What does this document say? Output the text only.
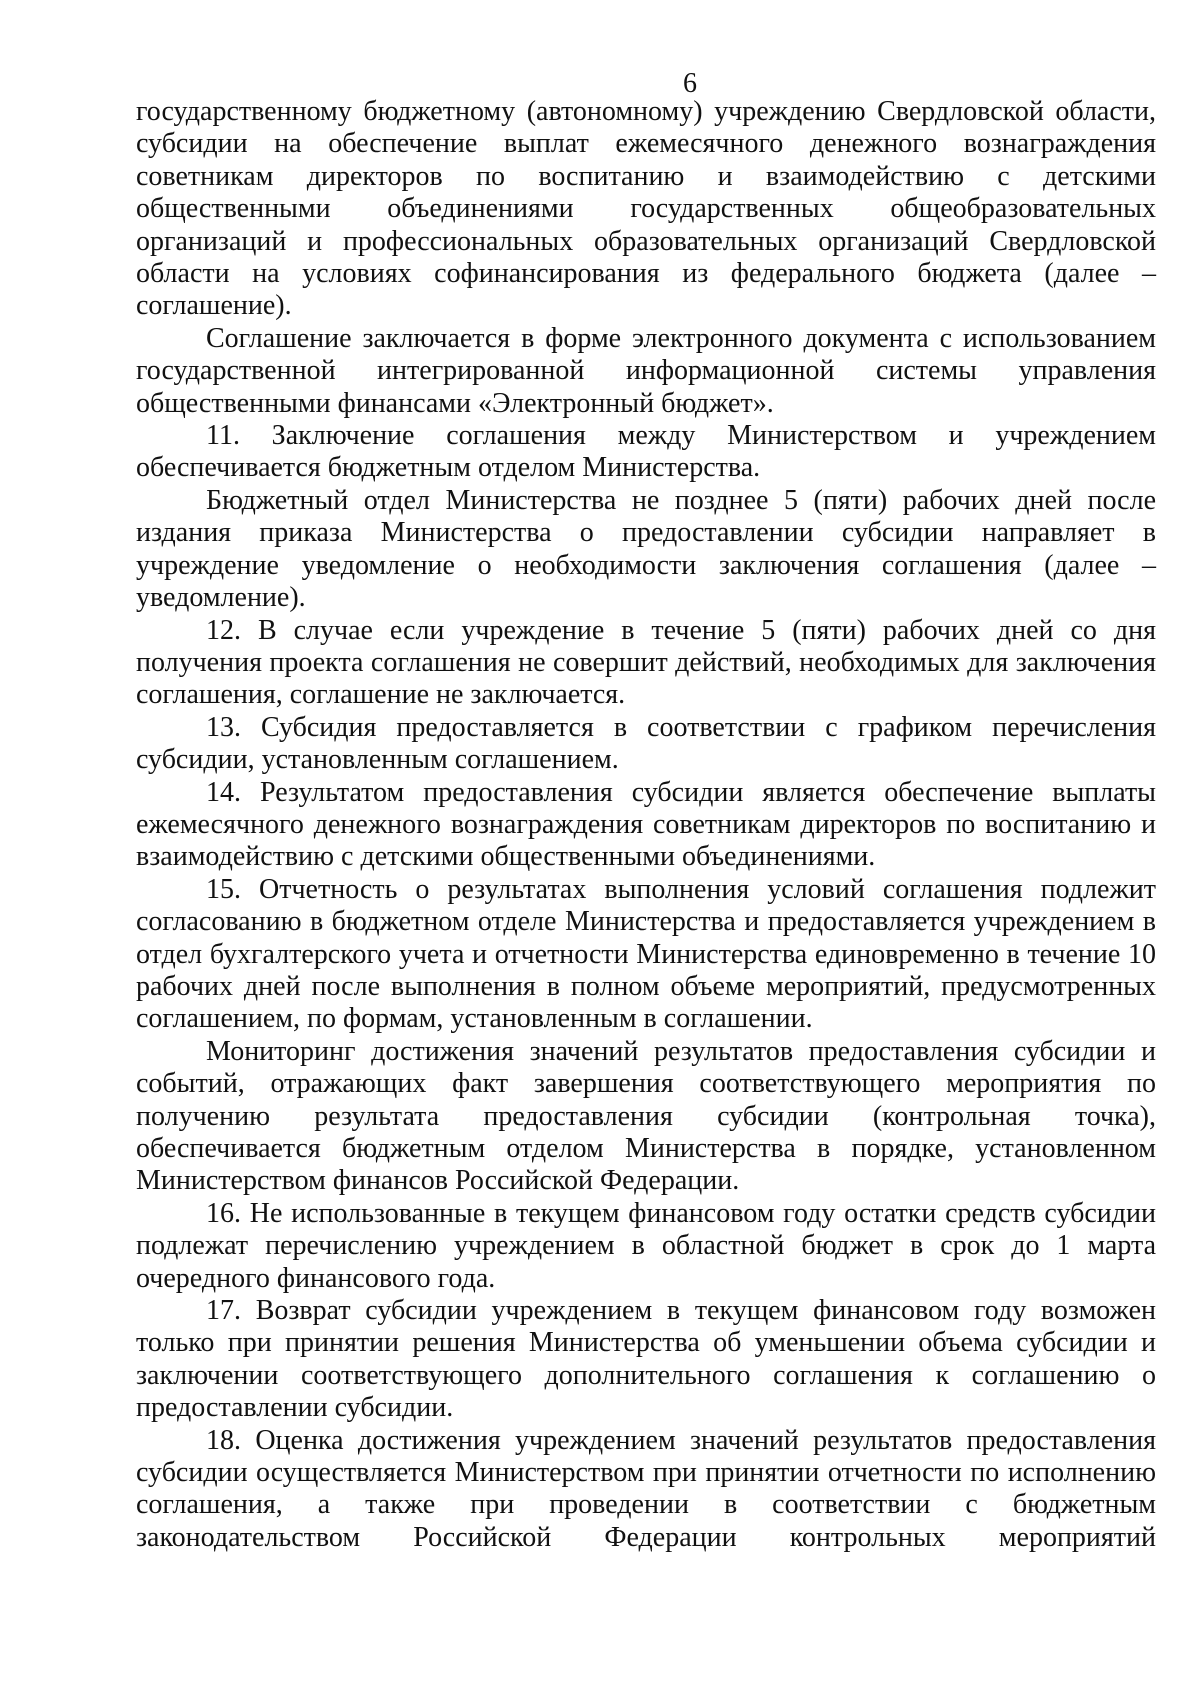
6

государственному бюджетному (автономному) учреждению Свердловской области, субсидии на обеспечение выплат ежемесячного денежного вознаграждения советникам директоров по воспитанию и взаимодействию с детскими общественными объединениями государственных общеобразовательных организаций и профессиональных образовательных организаций Свердловской области на условиях софинансирования из федерального бюджета (далее – соглашение).

Соглашение заключается в форме электронного документа с использованием государственной интегрированной информационной системы управления общественными финансами «Электронный бюджет».

11. Заключение соглашения между Министерством и учреждением обеспечивается бюджетным отделом Министерства.

Бюджетный отдел Министерства не позднее 5 (пяти) рабочих дней после издания приказа Министерства о предоставлении субсидии направляет в учреждение уведомление о необходимости заключения соглашения (далее – уведомление).

12. В случае если учреждение в течение 5 (пяти) рабочих дней со дня получения проекта соглашения не совершит действий, необходимых для заключения соглашения, соглашение не заключается.

13. Субсидия предоставляется в соответствии с графиком перечисления субсидии, установленным соглашением.

14. Результатом предоставления субсидии является обеспечение выплаты ежемесячного денежного вознаграждения советникам директоров по воспитанию и взаимодействию с детскими общественными объединениями.

15. Отчетность о результатах выполнения условий соглашения подлежит согласованию в бюджетном отделе Министерства и предоставляется учреждением в отдел бухгалтерского учета и отчетности Министерства единовременно в течение 10 рабочих дней после выполнения в полном объеме мероприятий, предусмотренных соглашением, по формам, установленным в соглашении.

Мониторинг достижения значений результатов предоставления субсидии и событий, отражающих факт завершения соответствующего мероприятия по получению результата предоставления субсидии (контрольная точка), обеспечивается бюджетным отделом Министерства в порядке, установленном Министерством финансов Российской Федерации.

16. Не использованные в текущем финансовом году остатки средств субсидии подлежат перечислению учреждением в областной бюджет в срок до 1 марта очередного финансового года.

17. Возврат субсидии учреждением в текущем финансовом году возможен только при принятии решения Министерства об уменьшении объема субсидии и заключении соответствующего дополнительного соглашения к соглашению о предоставлении субсидии.

18. Оценка достижения учреждением значений результатов предоставления субсидии осуществляется Министерством при принятии отчетности по исполнению соглашения, а также при проведении в соответствии с бюджетным законодательством Российской Федерации контрольных мероприятий
